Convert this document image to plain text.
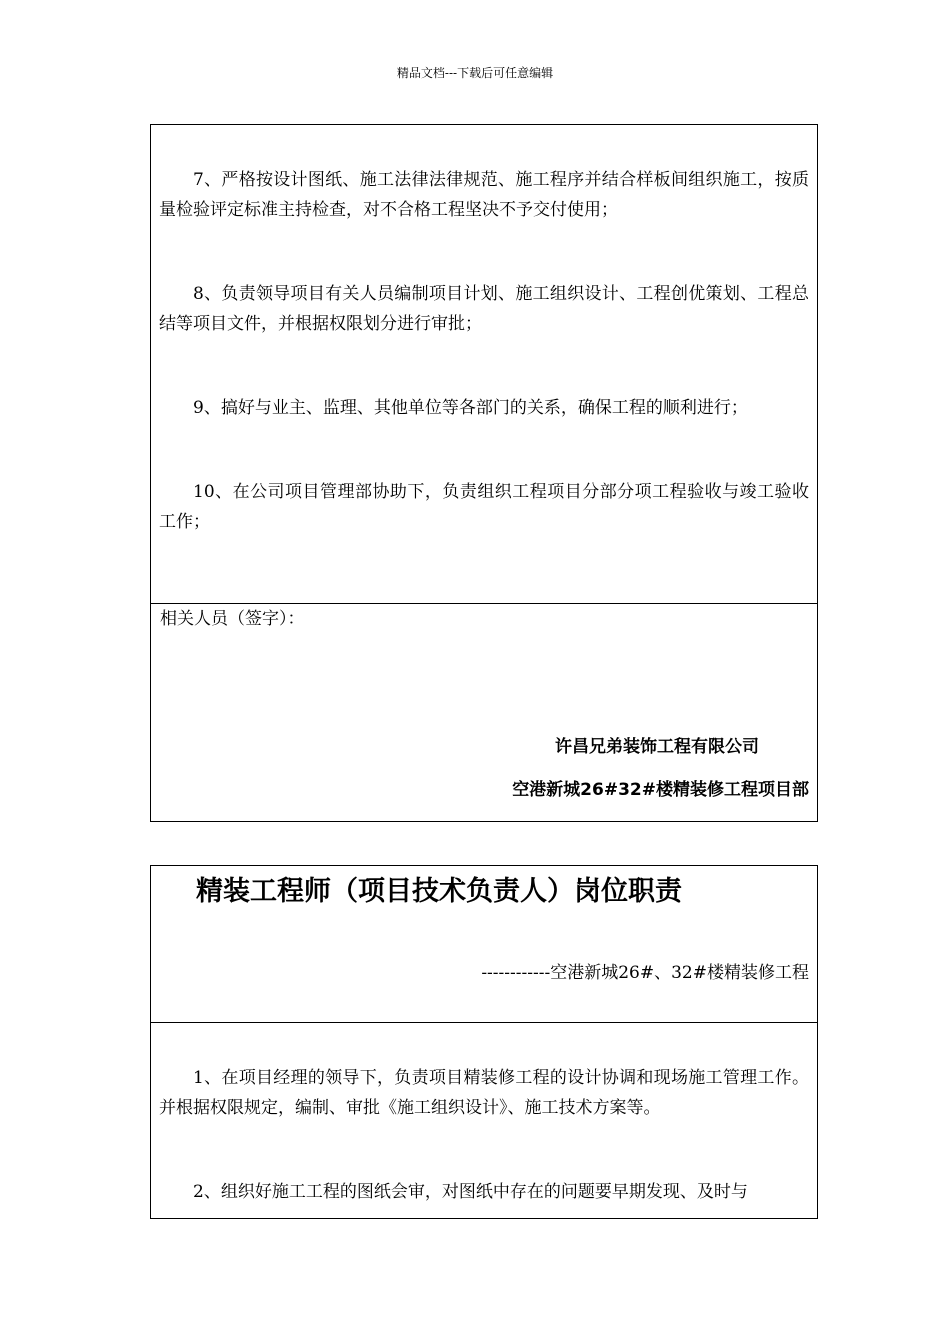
精品文档---下载后可任意编辑

7、严格按设计图纸、施工法律法律规范、施工程序并结合样板间组织施工，按质量检验评定标准主持检查，对不合格工程坚决不予交付使用；

8、负责领导项目有关人员编制项目计划、施工组织设计、工程创优策划、工程总结等项目文件，并根据权限划分进行审批；

9、搞好与业主、监理、其他单位等各部门的关系，确保工程的顺利进行；

10、在公司项目管理部协助下，负责组织工程项目分部分项工程验收与竣工验收工作；

相关人员（签字）：
许昌兄弟装饰工程有限公司
空港新城26#32#楼精装修工程项目部
精装工程师（项目技术负责人）岗位职责
------------空港新城26#、32#楼精装修工程

1、在项目经理的领导下，负责项目精装修工程的设计协调和现场施工管理工作。并根据权限规定，编制、审批《施工组织设计》、施工技术方案等。

2、组织好施工工程的图纸会审，对图纸中存在的问题要早期发现、及时与
